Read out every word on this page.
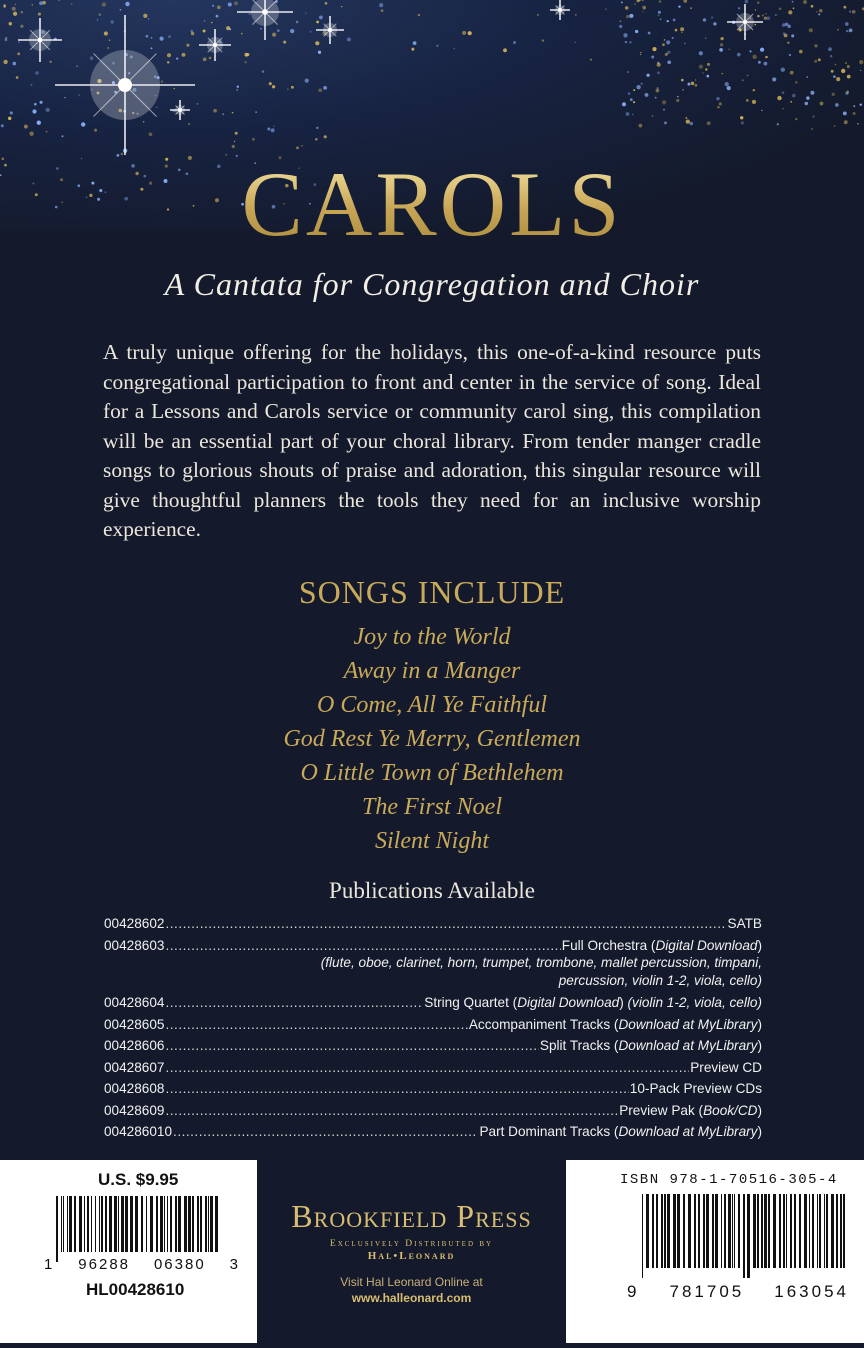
CAROLS
A Cantata for Congregation and Choir

A truly unique offering for the holidays, this one-of-a-kind resource puts congregational participation to front and center in the service of song. Ideal for a Lessons and Carols service or community carol sing, this compilation will be an essential part of your choral library. From tender manger cradle songs to glorious shouts of praise and adoration, this singular resource will give thoughtful planners the tools they need for an inclusive worship experience.

SONGS INCLUDE
Joy to the World
Away in a Manger
O Come, All Ye Faithful
God Rest Ye Merry, Gentlemen
O Little Town of Bethlehem
The First Noel
Silent Night
Publications Available
00428602 .....	SATB
00428603 .....	Full Orchestra (Digital Download)
(flute, oboe, clarinet, horn, trumpet, trombone, mallet percussion, timpani,
percussion, violin 1-2, viola, cello)
00428604 .....	String Quartet (Digital Download) (violin 1-2, viola, cello)
00428605 .....	Accompaniment Tracks (Download at MyLibrary)
00428606 .....	Split Tracks (Download at MyLibrary)
00428607 .....	Preview CD
00428608 .....	10-Pack Preview CDs
00428609 .....	Preview Pak (Book/CD)
004286010 .....	Part Dominant Tracks (Download at MyLibrary)
U.S. $9.95
1 96288 06380 3
HL00428610
Brookfield Press
Exclusively Distributed by
Hal•Leonard
Visit Hal Leonard Online at
www.halleonard.com
ISBN 978-1-70516-305-4
9 781705 163054
